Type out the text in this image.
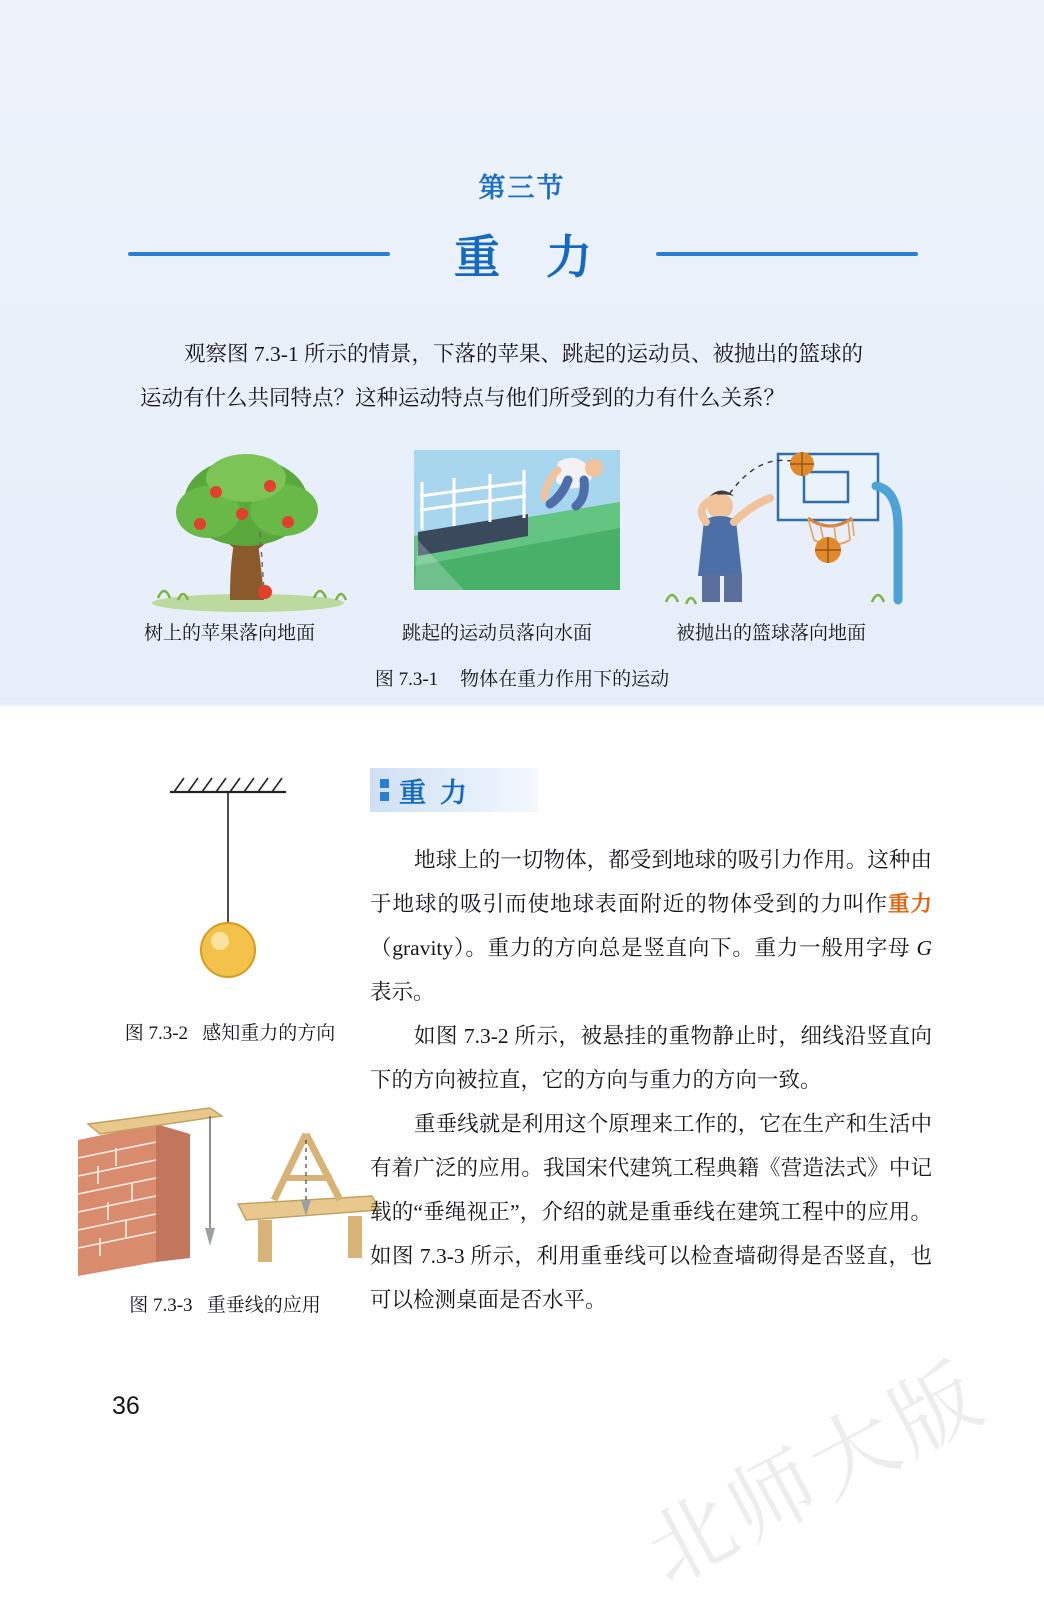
第三节
重力
观察图 7.3-1 所示的情景，下落的苹果、跳起的运动员、被抛出的篮球的
运动有什么共同特点？这种运动特点与他们所受到的力有什么关系？
树上的苹果落向地面	跳起的运动员落向水面	被抛出的篮球落向地面
图 7.3-1 物体在重力作用下的运动
图 7.3-2 感知重力的方向
图 7.3-3 重垂线的应用
重力

地球上的一切物体，都受到地球的吸引力作用。这种由于地球的吸引而使地球表面附近的物体受到的力叫作重力（gravity）。重力的方向总是竖直向下。重力一般用字母 G 表示。

如图 7.3-2 所示，被悬挂的重物静止时，细线沿竖直向下的方向被拉直，它的方向与重力的方向一致。

重垂线就是利用这个原理来工作的，它在生产和生活中有着广泛的应用。我国宋代建筑工程典籍《营造法式》中记载的“垂绳视正”，介绍的就是重垂线在建筑工程中的应用。如图 7.3-3 所示，利用重垂线可以检查墙砌得是否竖直，也可以检测桌面是否水平。

36	北师大版
